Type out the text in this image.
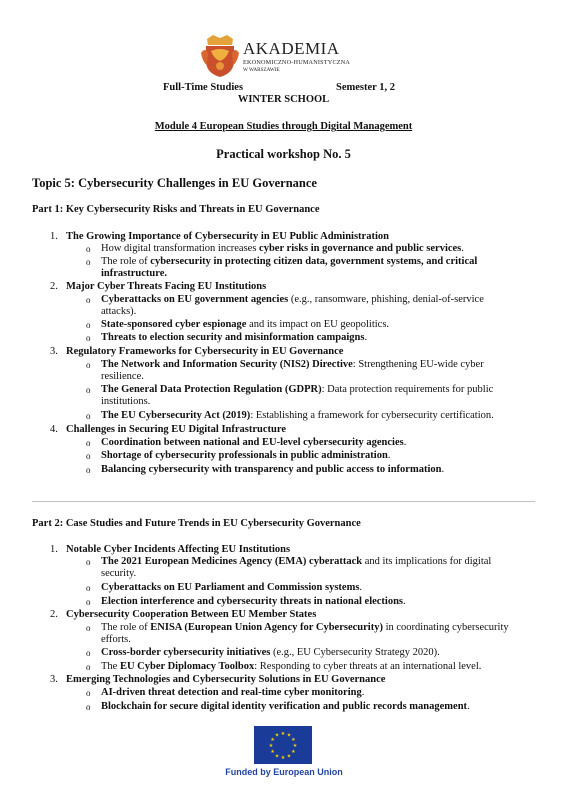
AKADEMIA
EKONOMICZNO-HUMANISTYCZNA
W WARSZAWIE
Full-Time Studies	Semester 1, 2
WINTER SCHOOL
Module 4 European Studies through Digital Management
Practical workshop No. 5
Topic 5: Cybersecurity Challenges in EU Governance
Part 1: Key Cybersecurity Risks and Threats in EU Governance
1. The Growing Importance of Cybersecurity in EU Public Administration
o How digital transformation increases cyber risks in governance and public services.
o The role of cybersecurity in protecting citizen data, government systems, and critical
infrastructure.
2. Major Cyber Threats Facing EU Institutions
o Cyberattacks on EU government agencies (e.g., ransomware, phishing, denial-of-service
attacks).
o State-sponsored cyber espionage and its impact on EU geopolitics.
o Threats to election security and misinformation campaigns.
3. Regulatory Frameworks for Cybersecurity in EU Governance
o The Network and Information Security (NIS2) Directive: Strengthening EU-wide cyber
resilience.
o The General Data Protection Regulation (GDPR): Data protection requirements for public
institutions.
o The EU Cybersecurity Act (2019): Establishing a framework for cybersecurity certification.
4. Challenges in Securing EU Digital Infrastructure
o Coordination between national and EU-level cybersecurity agencies.
o Shortage of cybersecurity professionals in public administration.
o Balancing cybersecurity with transparency and public access to information.
Part 2: Case Studies and Future Trends in EU Cybersecurity Governance
1. Notable Cyber Incidents Affecting EU Institutions
o The 2021 European Medicines Agency (EMA) cyberattack and its implications for digital
security.
o Cyberattacks on EU Parliament and Commission systems.
o Election interference and cybersecurity threats in national elections.
2. Cybersecurity Cooperation Between EU Member States
o The role of ENISA (European Union Agency for Cybersecurity) in coordinating cybersecurity
efforts.
o Cross-border cybersecurity initiatives (e.g., EU Cybersecurity Strategy 2020).
o The EU Cyber Diplomacy Toolbox: Responding to cyber threats at an international level.
3. Emerging Technologies and Cybersecurity Solutions in EU Governance
o AI-driven threat detection and real-time cyber monitoring.
o Blockchain for secure digital identity verification and public records management.
★ ★
★
★
★
★
★
★
★
★
★
★
Funded by European Union
